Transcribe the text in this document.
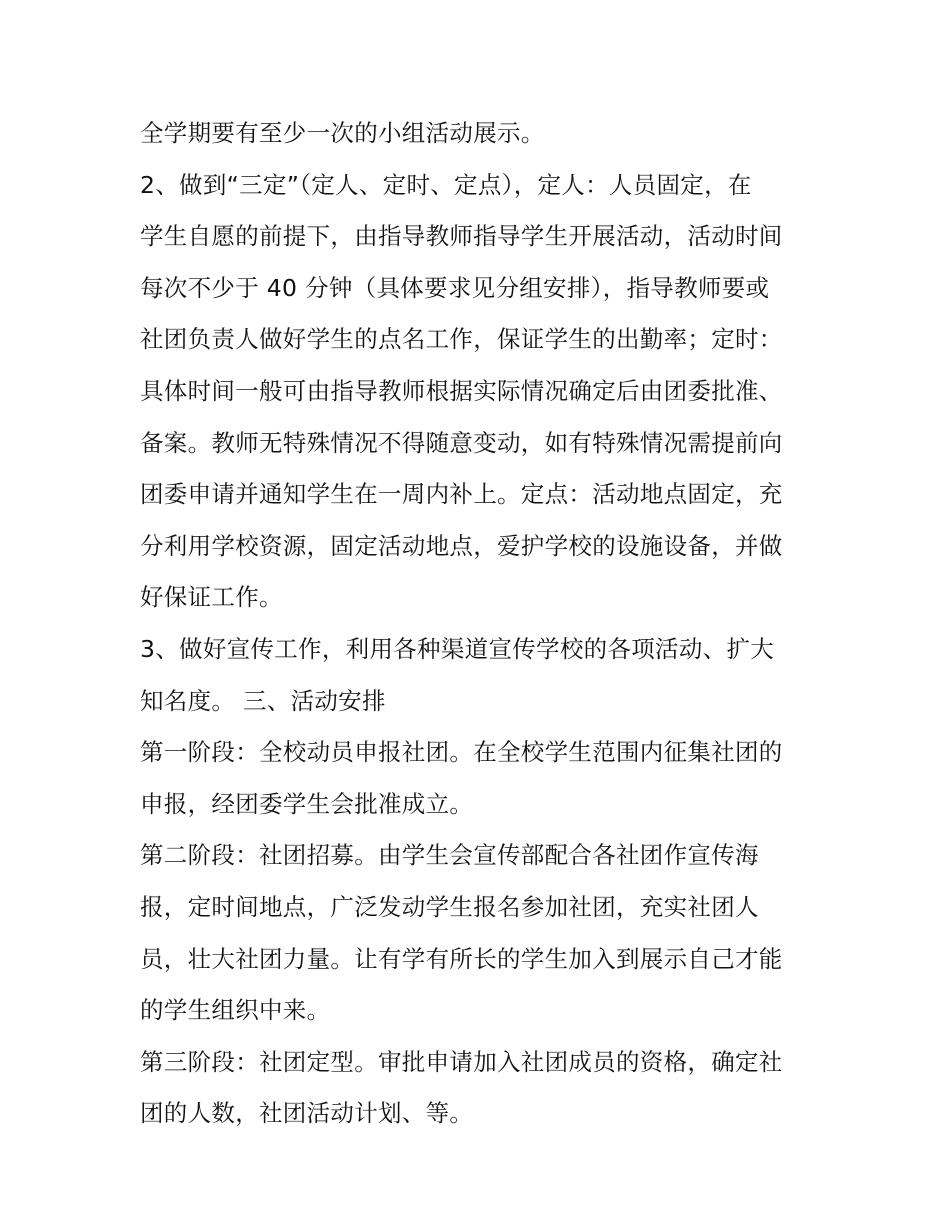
全学期要有至少一次的小组活动展示。
2、做到“三定”（定人、定时、定点），定人：人员固定，在
学生自愿的前提下，由指导教师指导学生开展活动，活动时间
每次不少于 40 分钟（具体要求见分组安排），指导教师要或
社团负责人做好学生的点名工作，保证学生的出勤率；定时：
具体时间一般可由指导教师根据实际情况确定后由团委批准、
备案。教师无特殊情况不得随意变动，如有特殊情况需提前向
团委申请并通知学生在一周内补上。定点：活动地点固定，充
分利用学校资源，固定活动地点，爱护学校的设施设备，并做
好保证工作。
3、做好宣传工作，利用各种渠道宣传学校的各项活动、扩大
知名度。 三、活动安排
第一阶段：全校动员申报社团。在全校学生范围内征集社团的
申报，经团委学生会批准成立。
第二阶段：社团招募。由学生会宣传部配合各社团作宣传海
报，定时间地点，广泛发动学生报名参加社团，充实社团人
员，壮大社团力量。让有学有所长的学生加入到展示自己才能
的学生组织中来。
第三阶段：社团定型。审批申请加入社团成员的资格，确定社
团的人数，社团活动计划、等。
